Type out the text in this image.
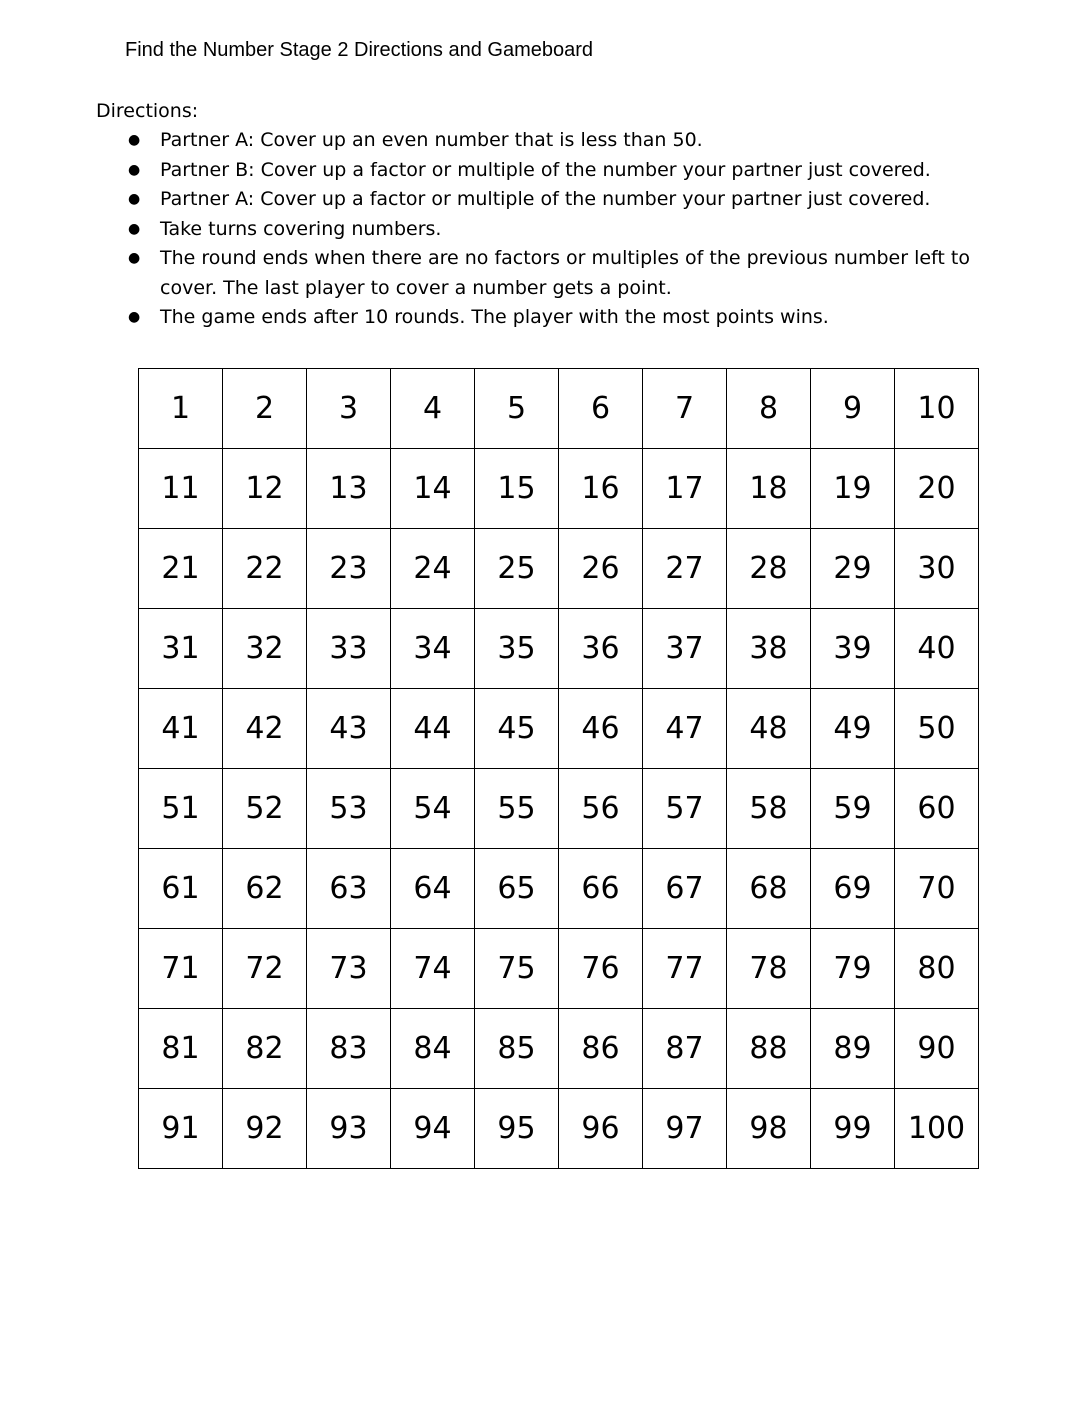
Find the Number Stage 2 Directions and Gameboard
Directions:
●	Partner A: Cover up an even number that is less than 50.
●	Partner B: Cover up a factor or multiple of the number your partner just covered.
●	Partner A: Cover up a factor or multiple of the number your partner just covered.
●	Take turns covering numbers.
●	The round ends when there are no factors or multiples of the previous number left to cover. The last player to cover a number gets a point.
●	The game ends after 10 rounds. The player with the most points wins.
1	2	3	4	5	6	7	8	9	10
11	12	13	14	15	16	17	18	19	20
21	22	23	24	25	26	27	28	29	30
31	32	33	34	35	36	37	38	39	40
41	42	43	44	45	46	47	48	49	50
51	52	53	54	55	56	57	58	59	60
61	62	63	64	65	66	67	68	69	70
71	72	73	74	75	76	77	78	79	80
81	82	83	84	85	86	87	88	89	90
91	92	93	94	95	96	97	98	99	100
